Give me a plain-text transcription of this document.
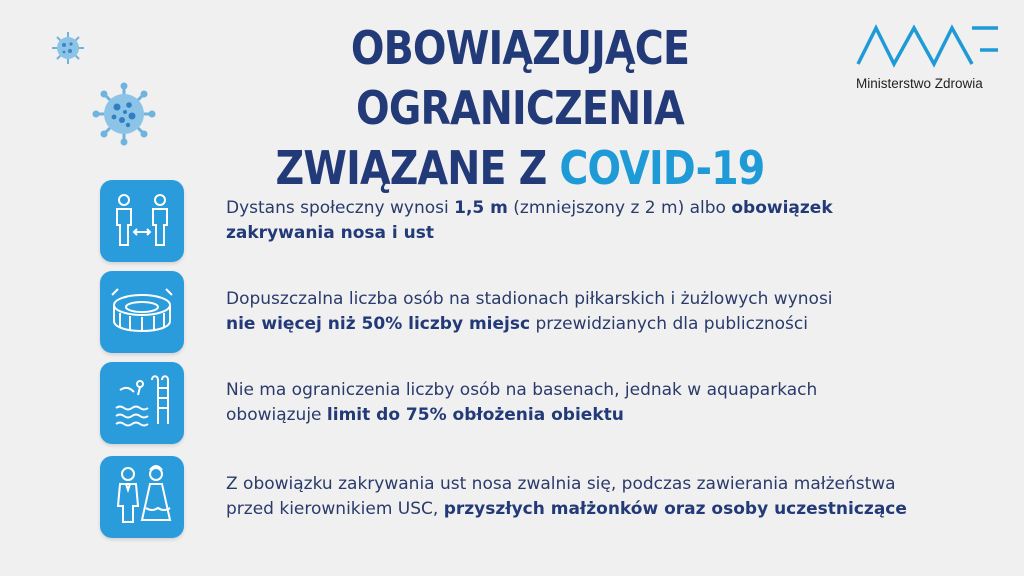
OBOWIĄZUJĄCE OGRANICZENIA
ZWIĄZANE Z COVID-19
Ministerstwo Zdrowia
Dystans społeczny wynosi 1,5 m (zmniejszony z 2 m) albo obowiązek
zakrywania nosa i ust
Dopuszczalna liczba osób na stadionach piłkarskich i żużlowych wynosi
nie więcej niż 50% liczby miejsc przewidzianych dla publiczności
Nie ma ograniczenia liczby osób na basenach, jednak w aquaparkach
obowiązuje limit do 75% obłożenia obiektu
Z obowiązku zakrywania ust nosa zwalnia się, podczas zawierania małżeństwa
przed kierownikiem USC, przyszłych małżonków oraz osoby uczestniczące
